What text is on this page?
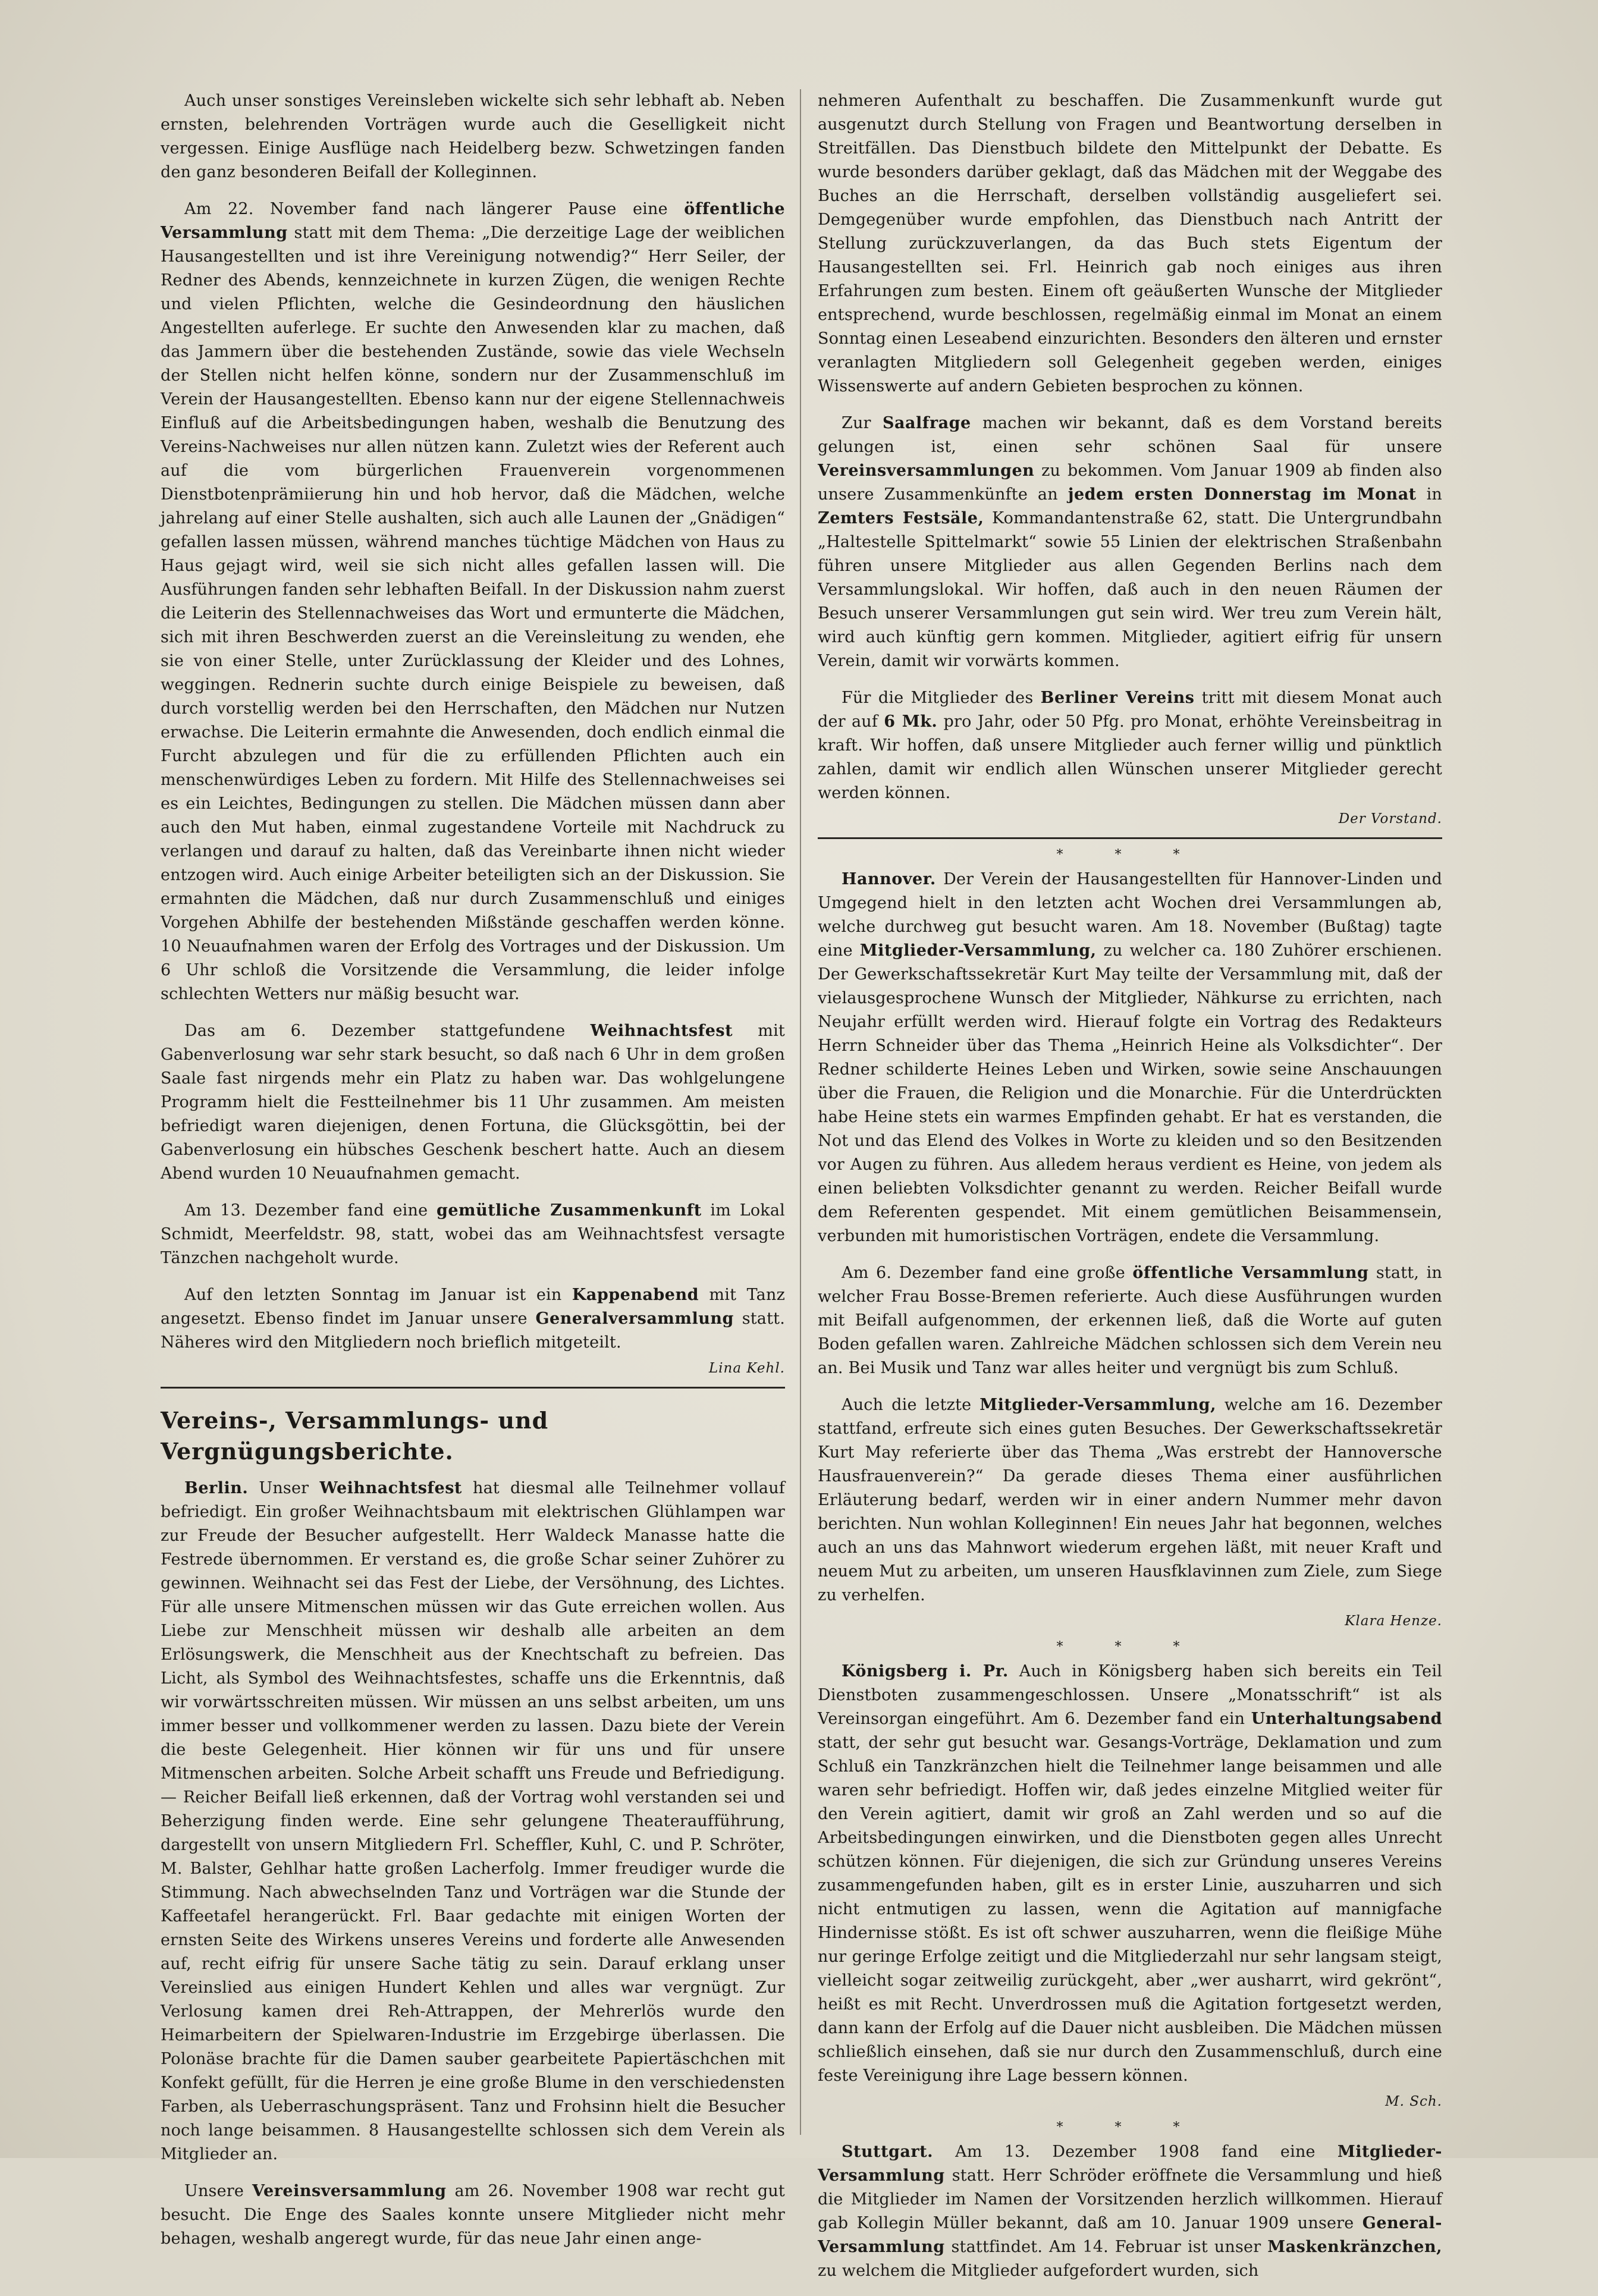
Auch unser sonstiges Vereinsleben wickelte sich sehr lebhaft ab. Neben ernsten, belehrenden Vorträgen wurde auch die Geselligkeit nicht vergessen. Einige Ausflüge nach Heidelberg bezw. Schwetzingen fanden den ganz besonderen Beifall der Kolleginnen.

Am 22. November fand nach längerer Pause eine öffentliche Versammlung statt mit dem Thema: „Die derzeitige Lage der weiblichen Hausangestellten und ist ihre Vereinigung notwendig?“ Herr Seiler, der Redner des Abends, kennzeichnete in kurzen Zügen, die wenigen Rechte und vielen Pflichten, welche die Gesindeordnung den häuslichen Angestellten auferlege. Er suchte den Anwesenden klar zu machen, daß das Jammern über die bestehenden Zustände, sowie das viele Wechseln der Stellen nicht helfen könne, sondern nur der Zusammenschluß im Verein der Hausangestellten. Ebenso kann nur der eigene Stellennachweis Einfluß auf die Arbeitsbedingungen haben, weshalb die Benutzung des Vereins-Nachweises nur allen nützen kann. Zuletzt wies der Referent auch auf die vom bürgerlichen Frauenverein vorgenommenen Dienstbotenprämiierung hin und hob hervor, daß die Mädchen, welche jahrelang auf einer Stelle aushalten, sich auch alle Launen der „Gnädigen“ gefallen lassen müssen, während manches tüchtige Mädchen von Haus zu Haus gejagt wird, weil sie sich nicht alles gefallen lassen will. Die Ausführungen fanden sehr lebhaften Beifall. In der Diskussion nahm zuerst die Leiterin des Stellennachweises das Wort und ermunterte die Mädchen, sich mit ihren Beschwerden zuerst an die Vereinsleitung zu wenden, ehe sie von einer Stelle, unter Zurücklassung der Kleider und des Lohnes, weggingen. Rednerin suchte durch einige Beispiele zu beweisen, daß durch vorstellig werden bei den Herrschaften, den Mädchen nur Nutzen erwachse. Die Leiterin ermahnte die Anwesenden, doch endlich einmal die Furcht abzulegen und für die zu erfüllenden Pflichten auch ein menschenwürdiges Leben zu fordern. Mit Hilfe des Stellennachweises sei es ein Leichtes, Bedingungen zu stellen. Die Mädchen müssen dann aber auch den Mut haben, einmal zugestandene Vorteile mit Nachdruck zu verlangen und darauf zu halten, daß das Vereinbarte ihnen nicht wieder entzogen wird. Auch einige Arbeiter beteiligten sich an der Diskussion. Sie ermahnten die Mädchen, daß nur durch Zusammenschluß und einiges Vorgehen Abhilfe der bestehenden Mißstände geschaffen werden könne. 10 Neuaufnahmen waren der Erfolg des Vortrages und der Diskussion. Um 6 Uhr schloß die Vorsitzende die Versammlung, die leider infolge schlechten Wetters nur mäßig besucht war.

Das am 6. Dezember stattgefundene Weihnachtsfest mit Gabenverlosung war sehr stark besucht, so daß nach 6 Uhr in dem großen Saale fast nirgends mehr ein Platz zu haben war. Das wohlgelungene Programm hielt die Festteilnehmer bis 11 Uhr zusammen. Am meisten befriedigt waren diejenigen, denen Fortuna, die Glücksgöttin, bei der Gabenverlosung ein hübsches Geschenk beschert hatte. Auch an diesem Abend wurden 10 Neuaufnahmen gemacht.

Am 13. Dezember fand eine gemütliche Zusammenkunft im Lokal Schmidt, Meerfeldstr. 98, statt, wobei das am Weihnachtsfest versagte Tänzchen nachgeholt wurde.

Auf den letzten Sonntag im Januar ist ein Kappenabend mit Tanz angesetzt. Ebenso findet im Januar unsere Generalversammlung statt. Näheres wird den Mitgliedern noch brieflich mitgeteilt.

Lina Kehl.
Vereins-, Versammlungs- und Vergnügungsberichte.

Berlin. Unser Weihnachtsfest hat diesmal alle Teilnehmer vollauf befriedigt. Ein großer Weihnachtsbaum mit elektrischen Glühlampen war zur Freude der Besucher aufgestellt. Herr Waldeck Manasse hatte die Festrede übernommen. Er verstand es, die große Schar seiner Zuhörer zu gewinnen. Weihnacht sei das Fest der Liebe, der Versöhnung, des Lichtes. Für alle unsere Mitmenschen müssen wir das Gute erreichen wollen. Aus Liebe zur Menschheit müssen wir deshalb alle arbeiten an dem Erlösungswerk, die Menschheit aus der Knechtschaft zu befreien. Das Licht, als Symbol des Weihnachtsfestes, schaffe uns die Erkenntnis, daß wir vorwärtsschreiten müssen. Wir müssen an uns selbst arbeiten, um uns immer besser und vollkommener werden zu lassen. Dazu biete der Verein die beste Gelegenheit. Hier können wir für uns und für unsere Mitmenschen arbeiten. Solche Arbeit schafft uns Freude und Befriedigung. — Reicher Beifall ließ erkennen, daß der Vortrag wohl verstanden sei und Beherzigung finden werde. Eine sehr gelungene Theateraufführung, dargestellt von unsern Mitgliedern Frl. Scheffler, Kuhl, C. und P. Schröter, M. Balster, Gehlhar hatte großen Lacherfolg. Immer freudiger wurde die Stimmung. Nach abwechselnden Tanz und Vorträgen war die Stunde der Kaffeetafel herangerückt. Frl. Baar gedachte mit einigen Worten der ernsten Seite des Wirkens unseres Vereins und forderte alle Anwesenden auf, recht eifrig für unsere Sache tätig zu sein. Darauf erklang unser Vereinslied aus einigen Hundert Kehlen und alles war vergnügt. Zur Verlosung kamen drei Reh-Attrappen, der Mehrerlös wurde den Heimarbeitern der Spielwaren-Industrie im Erzgebirge überlassen. Die Polonäse brachte für die Damen sauber gearbeitete Papiertäschchen mit Konfekt gefüllt, für die Herren je eine große Blume in den verschiedensten Farben, als Ueberraschungspräsent. Tanz und Frohsinn hielt die Besucher noch lange beisammen. 8 Hausangestellte schlossen sich dem Verein als Mitglieder an.

Unsere Vereinsversammlung am 26. November 1908 war recht gut besucht. Die Enge des Saales konnte unsere Mitglieder nicht mehr behagen, weshalb angeregt wurde, für das neue Jahr einen ange-

nehmeren Aufenthalt zu beschaffen. Die Zusammenkunft wurde gut ausgenutzt durch Stellung von Fragen und Beantwortung derselben in Streitfällen. Das Dienstbuch bildete den Mittelpunkt der Debatte. Es wurde besonders darüber geklagt, daß das Mädchen mit der Weggabe des Buches an die Herrschaft, derselben vollständig ausgeliefert sei. Demgegenüber wurde empfohlen, das Dienstbuch nach Antritt der Stellung zurückzuverlangen, da das Buch stets Eigentum der Hausangestellten sei. Frl. Heinrich gab noch einiges aus ihren Erfahrungen zum besten. Einem oft geäußerten Wunsche der Mitglieder entsprechend, wurde beschlossen, regelmäßig einmal im Monat an einem Sonntag einen Leseabend einzurichten. Besonders den älteren und ernster veranlagten Mitgliedern soll Gelegenheit gegeben werden, einiges Wissenswerte auf andern Gebieten besprochen zu können.

Zur Saalfrage machen wir bekannt, daß es dem Vorstand bereits gelungen ist, einen sehr schönen Saal für unsere Vereinsversammlungen zu bekommen. Vom Januar 1909 ab finden also unsere Zusammenkünfte an jedem ersten Donnerstag im Monat in Zemters Festsäle, Kommandantenstraße 62, statt. Die Untergrundbahn „Haltestelle Spittelmarkt“ sowie 55 Linien der elektrischen Straßenbahn führen unsere Mitglieder aus allen Gegenden Berlins nach dem Versammlungslokal. Wir hoffen, daß auch in den neuen Räumen der Besuch unserer Versammlungen gut sein wird. Wer treu zum Verein hält, wird auch künftig gern kommen. Mitglieder, agitiert eifrig für unsern Verein, damit wir vorwärts kommen.

Für die Mitglieder des Berliner Vereins tritt mit diesem Monat auch der auf 6 Mk. pro Jahr, oder 50 Pfg. pro Monat, erhöhte Vereinsbeitrag in kraft. Wir hoffen, daß unsere Mitglieder auch ferner willig und pünktlich zahlen, damit wir endlich allen Wünschen unserer Mitglieder gerecht werden können.

Der Vorstand.
* * *

Hannover. Der Verein der Hausangestellten für Hannover-Linden und Umgegend hielt in den letzten acht Wochen drei Versammlungen ab, welche durchweg gut besucht waren. Am 18. November (Bußtag) tagte eine Mitglieder-Versammlung, zu welcher ca. 180 Zuhörer erschienen. Der Gewerkschaftssekretär Kurt May teilte der Versammlung mit, daß der vielausgesprochene Wunsch der Mitglieder, Nähkurse zu errichten, nach Neujahr erfüllt werden wird. Hierauf folgte ein Vortrag des Redakteurs Herrn Schneider über das Thema „Heinrich Heine als Volksdichter“. Der Redner schilderte Heines Leben und Wirken, sowie seine Anschauungen über die Frauen, die Religion und die Monarchie. Für die Unterdrückten habe Heine stets ein warmes Empfinden gehabt. Er hat es verstanden, die Not und das Elend des Volkes in Worte zu kleiden und so den Besitzenden vor Augen zu führen. Aus alledem heraus verdient es Heine, von jedem als einen beliebten Volksdichter genannt zu werden. Reicher Beifall wurde dem Referenten gespendet. Mit einem gemütlichen Beisammensein, verbunden mit humoristischen Vorträgen, endete die Versammlung.

Am 6. Dezember fand eine große öffentliche Versammlung statt, in welcher Frau Bosse-Bremen referierte. Auch diese Ausführungen wurden mit Beifall aufgenommen, der erkennen ließ, daß die Worte auf guten Boden gefallen waren. Zahlreiche Mädchen schlossen sich dem Verein neu an. Bei Musik und Tanz war alles heiter und vergnügt bis zum Schluß.

Auch die letzte Mitglieder-Versammlung, welche am 16. Dezember stattfand, erfreute sich eines guten Besuches. Der Gewerkschaftssekretär Kurt May referierte über das Thema „Was erstrebt der Hannoversche Hausfrauenverein?“ Da gerade dieses Thema einer ausführlichen Erläuterung bedarf, werden wir in einer andern Nummer mehr davon berichten. Nun wohlan Kolleginnen! Ein neues Jahr hat begonnen, welches auch an uns das Mahnwort wiederum ergehen läßt, mit neuer Kraft und neuem Mut zu arbeiten, um unseren Hausfklavinnen zum Ziele, zum Siege zu verhelfen.

Klara Henze.
* * *

Königsberg i. Pr. Auch in Königsberg haben sich bereits ein Teil Dienstboten zusammengeschlossen. Unsere „Monatsschrift“ ist als Vereinsorgan eingeführt. Am 6. Dezember fand ein Unterhaltungsabend statt, der sehr gut besucht war. Gesangs-Vorträge, Deklamation und zum Schluß ein Tanzkränzchen hielt die Teilnehmer lange beisammen und alle waren sehr befriedigt. Hoffen wir, daß jedes einzelne Mitglied weiter für den Verein agitiert, damit wir groß an Zahl werden und so auf die Arbeitsbedingungen einwirken, und die Dienstboten gegen alles Unrecht schützen können. Für diejenigen, die sich zur Gründung unseres Vereins zusammengefunden haben, gilt es in erster Linie, auszuharren und sich nicht entmutigen zu lassen, wenn die Agitation auf mannigfache Hindernisse stößt. Es ist oft schwer auszuharren, wenn die fleißige Mühe nur geringe Erfolge zeitigt und die Mitgliederzahl nur sehr langsam steigt, vielleicht sogar zeitweilig zurückgeht, aber „wer ausharrt, wird gekrönt“, heißt es mit Recht. Unverdrossen muß die Agitation fortgesetzt werden, dann kann der Erfolg auf die Dauer nicht ausbleiben. Die Mädchen müssen schließlich einsehen, daß sie nur durch den Zusammenschluß, durch eine feste Vereinigung ihre Lage bessern können.

M. Sch.
* * *

Stuttgart. Am 13. Dezember 1908 fand eine Mitglieder-Versammlung statt. Herr Schröder eröffnete die Versammlung und hieß die Mitglieder im Namen der Vorsitzenden herzlich willkommen. Hierauf gab Kollegin Müller bekannt, daß am 10. Januar 1909 unsere General-Versammlung stattfindet. Am 14. Februar ist unser Maskenkränzchen, zu welchem die Mitglieder aufgefordert wurden, sich
